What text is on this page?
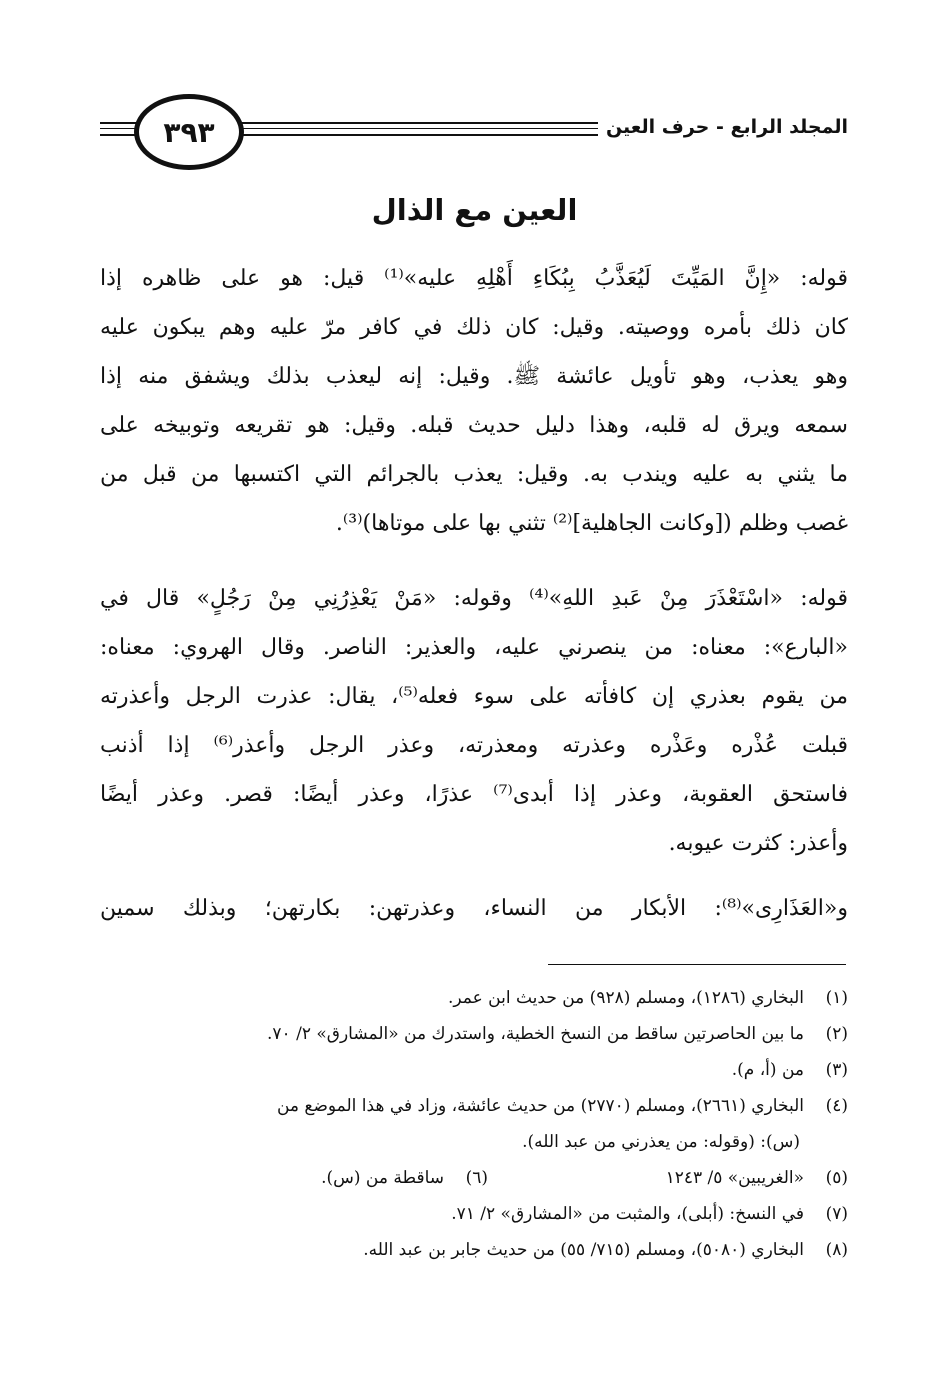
المجلد الرابع - حرف العين
٣٩٣
العين مع الذال
قوله: «إِنَّ المَيِّتَ لَيُعَذَّبُ بِبُكَاءِ أَهْلِهِ عليه»⁽¹⁾ قيل: هو على ظاهره إذا
كان ذلك بأمره ووصيته. وقيل: كان ذلك في كافر مرّ عليه وهم يبكون عليه
وهو يعذب، وهو تأويل عائشة ﷺ. وقيل: إنه ليعذب بذلك ويشفق منه إذا
سمعه ويرق له قلبه، وهذا دليل حديث قبله. وقيل: هو تقريعه وتوبيخه على
ما يثني به عليه ويندب به. وقيل: يعذب بالجرائم التي اكتسبها من قبل من
غصب وظلم ([وكانت الجاهلية]⁽²⁾ تثني بها على موتاها)⁽³⁾.
قوله: «اسْتَعْذَرَ مِنْ عَبدِ اللهِ»⁽⁴⁾ وقوله: «مَنْ يَعْذِرُنِي مِنْ رَجُلٍ» قال في
«البارع»: معناه: من ينصرني عليه، والعذير: الناصر. وقال الهروي: معناه:
من يقوم بعذري إن كافأته على سوء فعله⁽⁵⁾، يقال: عذرت الرجل وأعذرته
قبلت عُذْره وعَذْره وعذرته ومعذرته، وعذر الرجل وأعذر⁽⁶⁾ إذا أذنب
فاستحق العقوبة، وعذر إذا أبدى⁽⁷⁾ عذرًا، وعذر أيضًا: قصر. وعذر أيضًا
وأعذر: كثرت عيوبه.
و«العَذَارِى»⁽⁸⁾: الأبكار من النساء، وعذرتهن: بكارتهن؛ وبذلك سمين
(١)البخاري (١٢٨٦)، ومسلم (٩٢٨) من حديث ابن عمر.
(٢)ما بين الحاصرتين ساقط من النسخ الخطية، واستدرك من «المشارق» ٢/ ٧٠.
(٣)من (أ، م).
(٤)البخاري (٢٦٦١)، ومسلم (٢٧٧٠) من حديث عائشة، وزاد في هذا الموضع من
(س): (وقوله: من يعذرني من عبد الله).
(٥)«الغريبين» ٥/ ١٢٤٣
(٦)ساقطة من (س).
(٧)في النسخ: (أبلى)، والمثبت من «المشارق» ٢/ ٧١.
(٨)البخاري (٥٠٨٠)، ومسلم (٧١٥/ ٥٥) من حديث جابر بن عبد الله.
